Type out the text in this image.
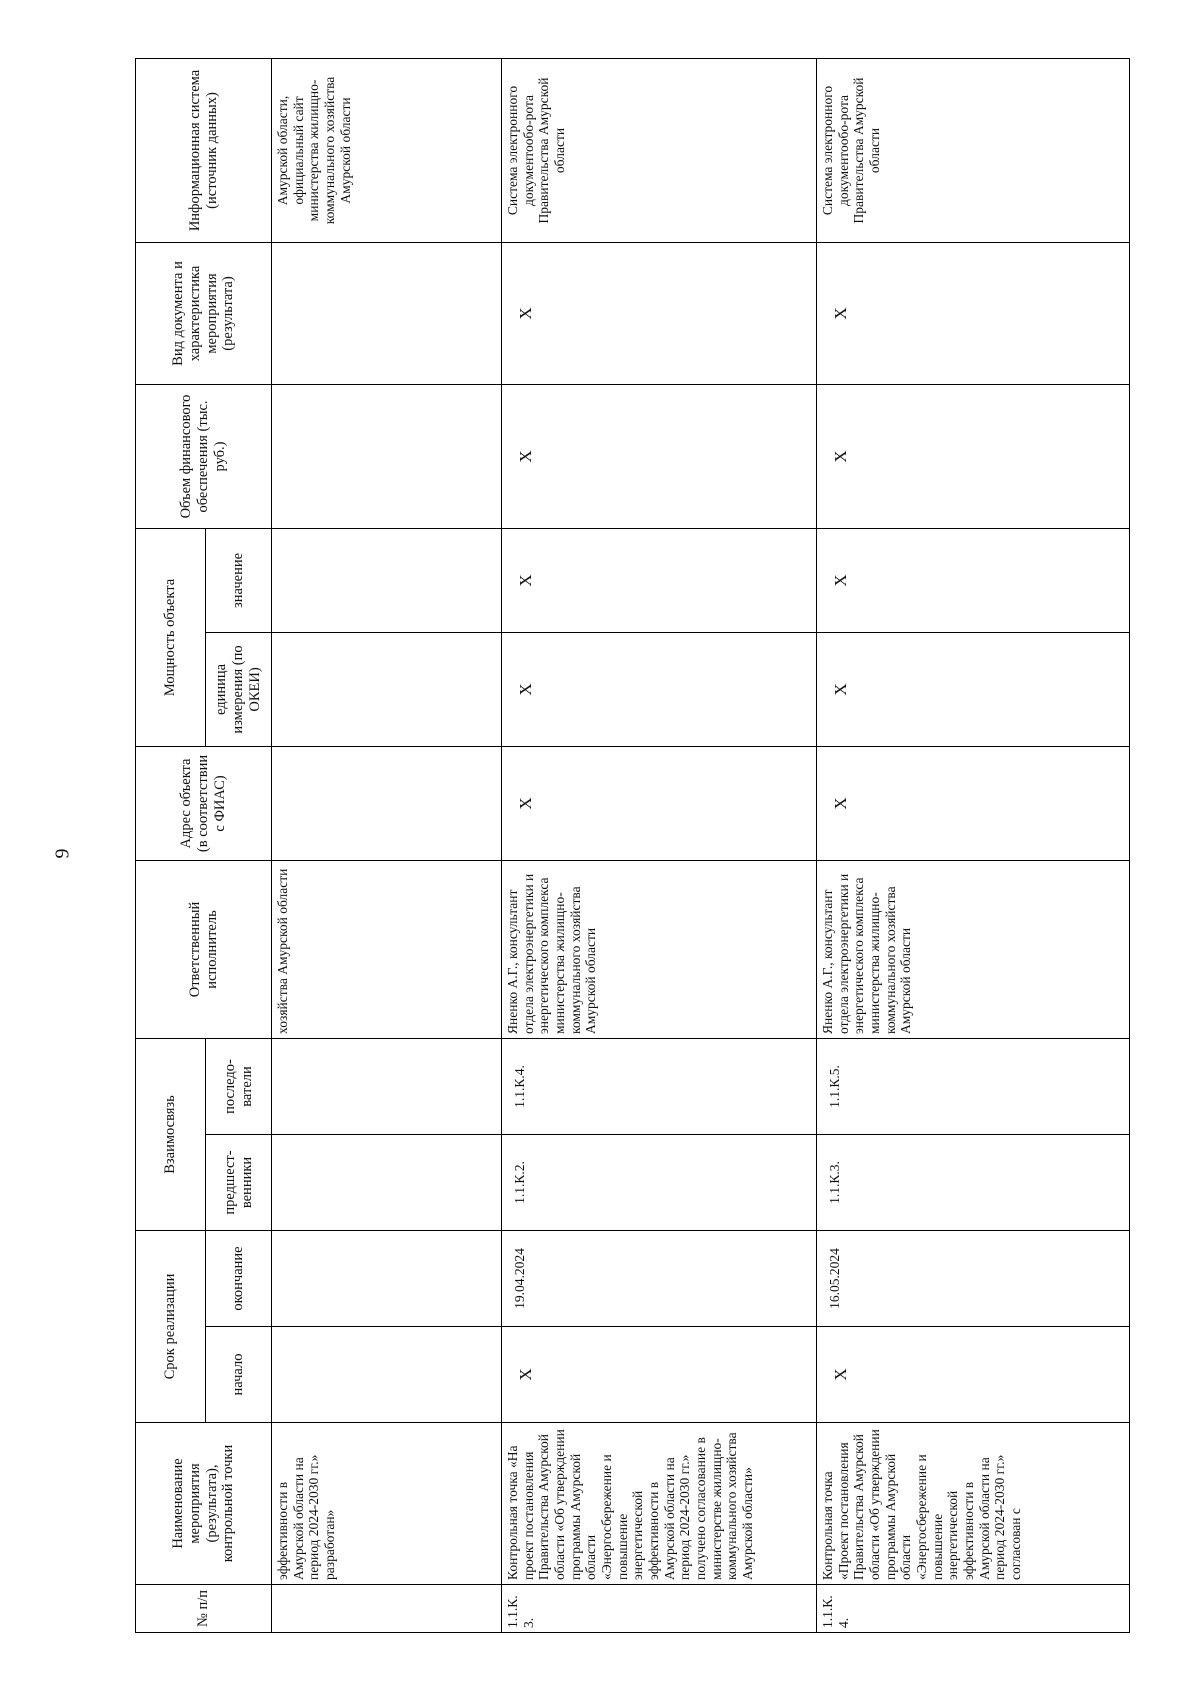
9
№ п/п	Наименование мероприятия (результата), контрольной точки	Срок реализации		Взаимосвязь		Ответственный исполнитель	Адрес объекта (в соответствии с ФИАС)	Мощность объекта		Объем финансового обеспечения (тыс. руб.)	Вид документа и характеристика мероприятия (результата)	Информационная система (источник данных)
		начало	окончание	предшест-венники	последо-ватели			единица измерения (по ОКЕИ)	значение			
	эффективности в Амурской области на период 2024-2030 гг.» разработан»					хозяйства Амурской области						Амурской области, официальный сайт министерства жилищно-коммунального хозяйства Амурской области
1.1.К.3.	Контрольная точка «На проект постановления Правительства Амурской области «Об утверждении программы Амурской области «Энергосбережение и повышение энергетической эффективности в Амурской области на период 2024-2030 гг.» получено согласование в министерстве жилищно-коммунального хозяйства Амурской области»	X	19.04.2024	1.1.К.2.	1.1.К.4.	Яненко А.Г., консультант отдела электроэнергетики и энергетического комплекса министерства жилищно-коммунального хозяйства Амурской области	X	X	X	X	X	Система электронного документообо-рота Правительства Амурской области
1.1.К.4.	Контрольная точка «Проект постановления Правительства Амурской области «Об утверждении программы Амурской области «Энергосбережение и повышение энергетической эффективности в Амурской области на период 2024-2030 гг.» согласован с	X	16.05.2024	1.1.К.3.	1.1.К.5.	Яненко А.Г., консультант отдела электроэнергетики и энергетического комплекса министерства жилищно-коммунального хозяйства Амурской области	X	X	X	X	X	Система электронного документообо-рота Правительства Амурской области
